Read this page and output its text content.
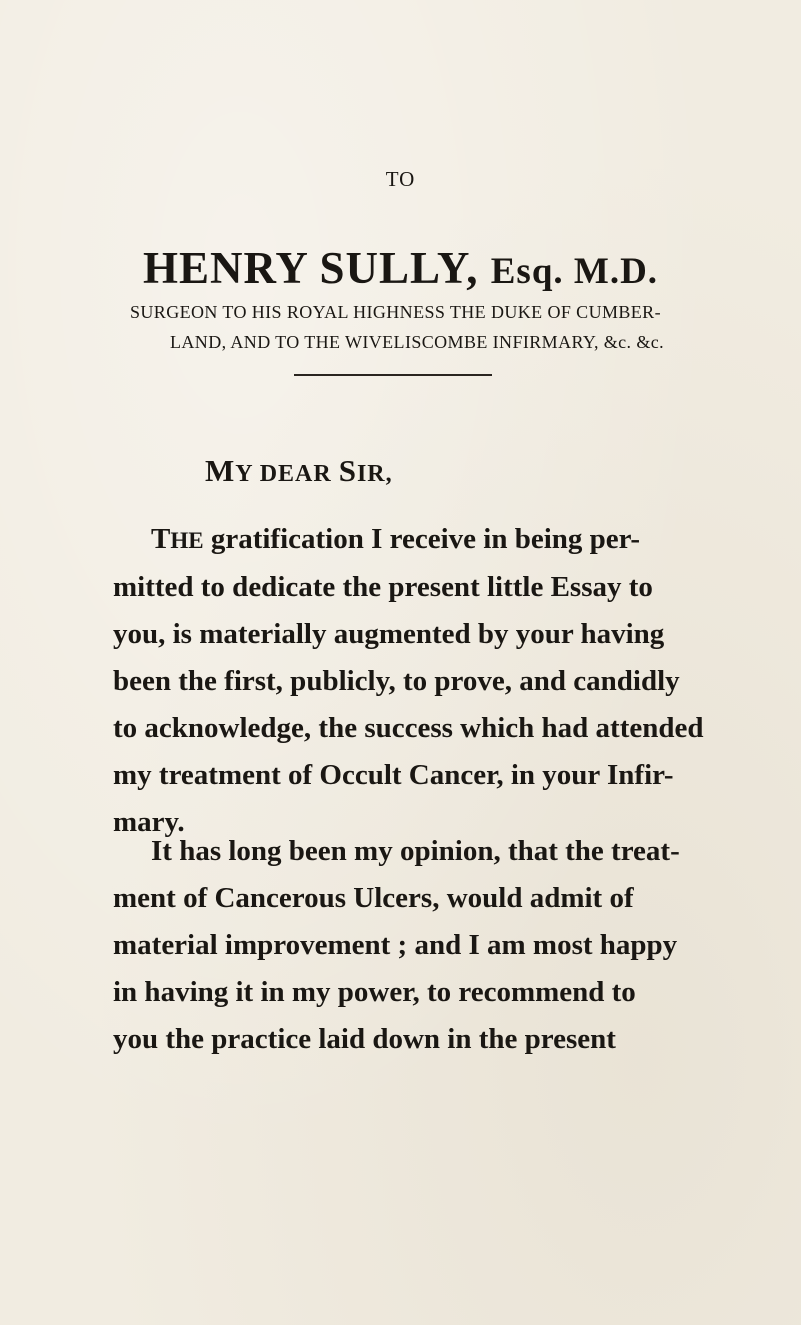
TO
HENRY SULLY, Esq. M.D.
SURGEON TO HIS ROYAL HIGHNESS THE DUKE OF CUMBER-
LAND, AND TO THE WIVELISCOMBE INFIRMARY, &c. &c.
MY DEAR SIR,
THE gratification I receive in being per-
mitted to dedicate the present little Essay to
you, is materially augmented by your having
been the first, publicly, to prove, and candidly
to acknowledge, the success which had attended
my treatment of Occult Cancer, in your Infir-
mary.
It has long been my opinion, that the treat-
ment of Cancerous Ulcers, would admit of
material improvement ; and I am most happy
in having it in my power, to recommend to
you the practice laid down in the present
